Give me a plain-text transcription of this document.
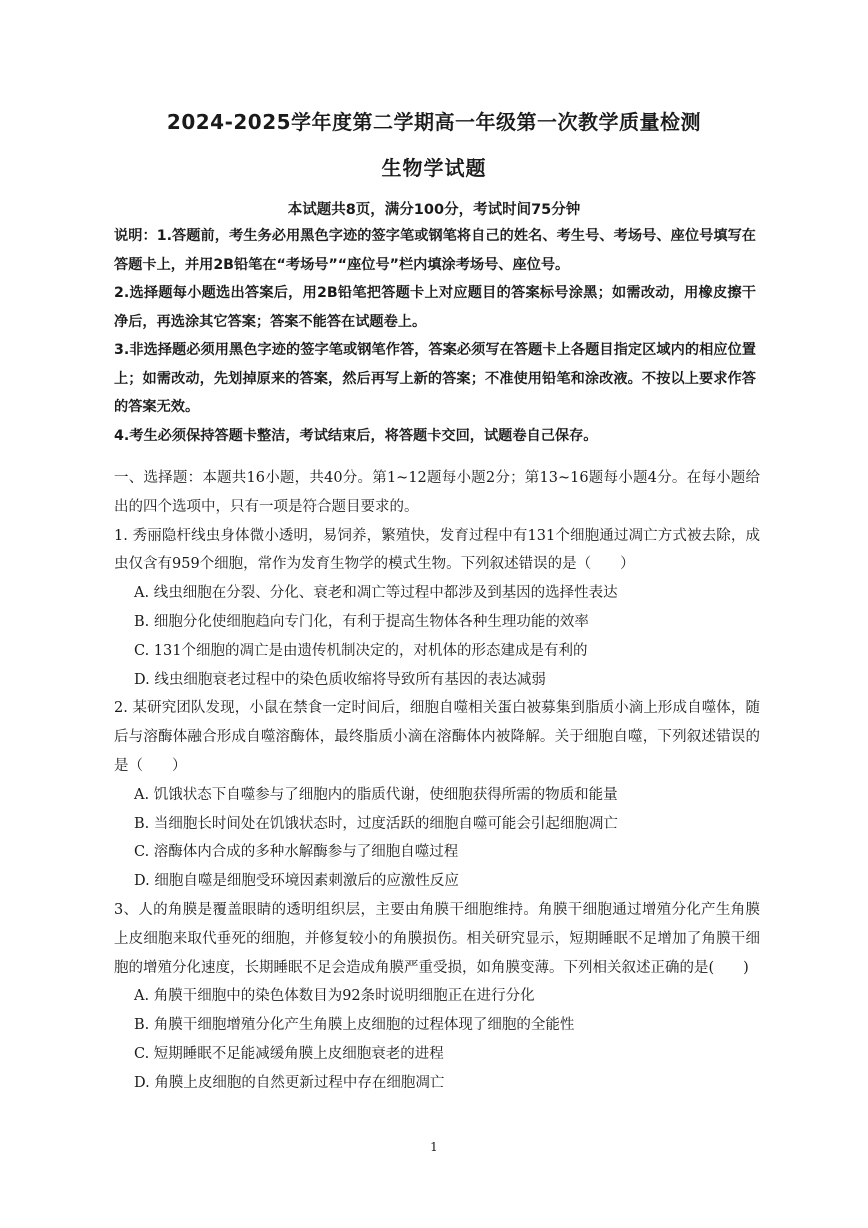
2024-2025学年度第二学期高一年级第一次教学质量检测
生物学试题
本试题共8页，满分100分，考试时间75分钟

说明：1.答题前，考生务必用黑色字迹的签字笔或钢笔将自己的姓名、考生号、考场号、座位号填写在答题卡上，并用2B铅笔在“考场号”“座位号”栏内填涂考场号、座位号。

2.选择题每小题选出答案后，用2B铅笔把答题卡上对应题目的答案标号涂黑；如需改动，用橡皮擦干净后，再选涂其它答案；答案不能答在试题卷上。

3.非选择题必须用黑色字迹的签字笔或钢笔作答，答案必须写在答题卡上各题目指定区域内的相应位置上；如需改动，先划掉原来的答案，然后再写上新的答案；不准使用铅笔和涂改液。不按以上要求作答的答案无效。

4.考生必须保持答题卡整洁，考试结束后，将答题卡交回，试题卷自己保存。

一、选择题：本题共16小题，共40分。第1~12题每小题2分；第13~16题每小题4分。在每小题给出的四个选项中，只有一项是符合题目要求的。

1. 秀丽隐杆线虫身体微小透明，易饲养，繁殖快，发育过程中有131个细胞通过凋亡方式被去除，成虫仅含有959个细胞，常作为发育生物学的模式生物。下列叙述错误的是（　　）

A. 线虫细胞在分裂、分化、衰老和凋亡等过程中都涉及到基因的选择性表达

B. 细胞分化使细胞趋向专门化，有利于提高生物体各种生理功能的效率

C. 131个细胞的凋亡是由遗传机制决定的，对机体的形态建成是有利的

D. 线虫细胞衰老过程中的染色质收缩将导致所有基因的表达减弱

2. 某研究团队发现，小鼠在禁食一定时间后，细胞自噬相关蛋白被募集到脂质小滴上形成自噬体，随后与溶酶体融合形成自噬溶酶体，最终脂质小滴在溶酶体内被降解。关于细胞自噬，下列叙述错误的是（　　）

A. 饥饿状态下自噬参与了细胞内的脂质代谢，使细胞获得所需的物质和能量

B. 当细胞长时间处在饥饿状态时，过度活跃的细胞自噬可能会引起细胞凋亡

C. 溶酶体内合成的多种水解酶参与了细胞自噬过程

D. 细胞自噬是细胞受环境因素刺激后的应激性反应

3、人的角膜是覆盖眼睛的透明组织层，主要由角膜干细胞维持。角膜干细胞通过增殖分化产生角膜上皮细胞来取代垂死的细胞，并修复较小的角膜损伤。相关研究显示，短期睡眠不足增加了角膜干细胞的增殖分化速度，长期睡眠不足会造成角膜严重受损，如角膜变薄。下列相关叙述正确的是(　　)

A. 角膜干细胞中的染色体数目为92条时说明细胞正在进行分化

B. 角膜干细胞增殖分化产生角膜上皮细胞的过程体现了细胞的全能性

C. 短期睡眠不足能减缓角膜上皮细胞衰老的进程

D. 角膜上皮细胞的自然更新过程中存在细胞凋亡

1
